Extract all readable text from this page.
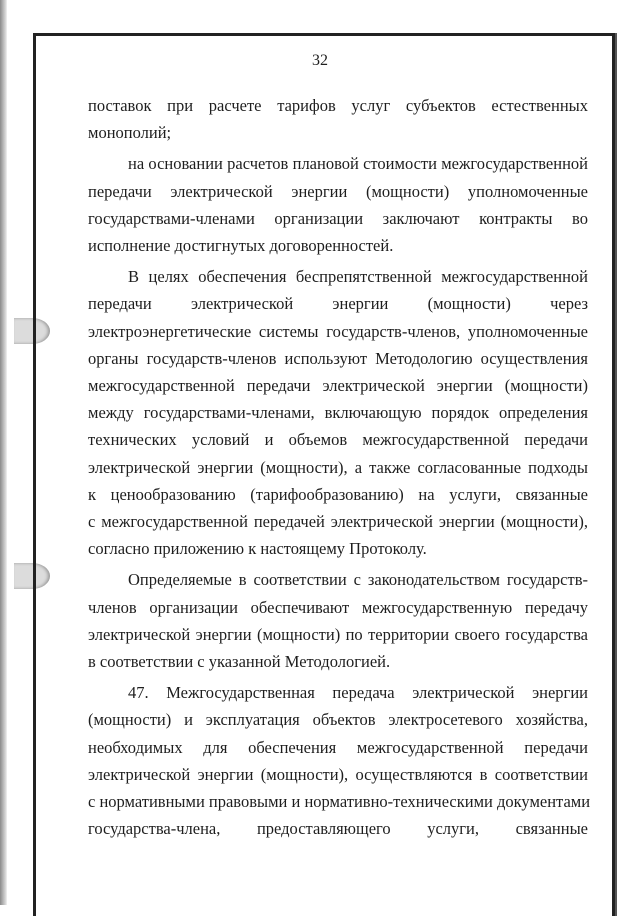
32
поставок при расчете тарифов услуг субъектов естественных
монополий;
на основании расчетов плановой стоимости межгосударственной
передачи электрической энергии (мощности) уполномоченные
государствами-членами организации заключают контракты во
исполнение достигнутых договоренностей.
В целях обеспечения беспрепятственной межгосударственной
передачи электрической энергии (мощности) через
электроэнергетические системы государств-членов, уполномоченные
органы государств-членов используют Методологию осуществления
межгосударственной передачи электрической энергии (мощности)
между государствами-членами, включающую порядок определения
технических условий и объемов межгосударственной передачи
электрической энергии (мощности), а также согласованные подходы
к ценообразованию (тарифообразованию) на услуги, связанные
с межгосударственной передачей электрической энергии (мощности),
согласно приложению к настоящему Протоколу.
Определяемые в соответствии с законодательством государств-
членов организации обеспечивают межгосударственную передачу
электрической энергии (мощности) по территории своего государства
в соответствии с указанной Методологией.
47. Межгосударственная передача электрической энергии
(мощности) и эксплуатация объектов электросетевого хозяйства,
необходимых для обеспечения межгосударственной передачи
электрической энергии (мощности), осуществляются в соответствии
с нормативными правовыми и нормативно-техническими документами
государства-члена, предоставляющего услуги, связанные
